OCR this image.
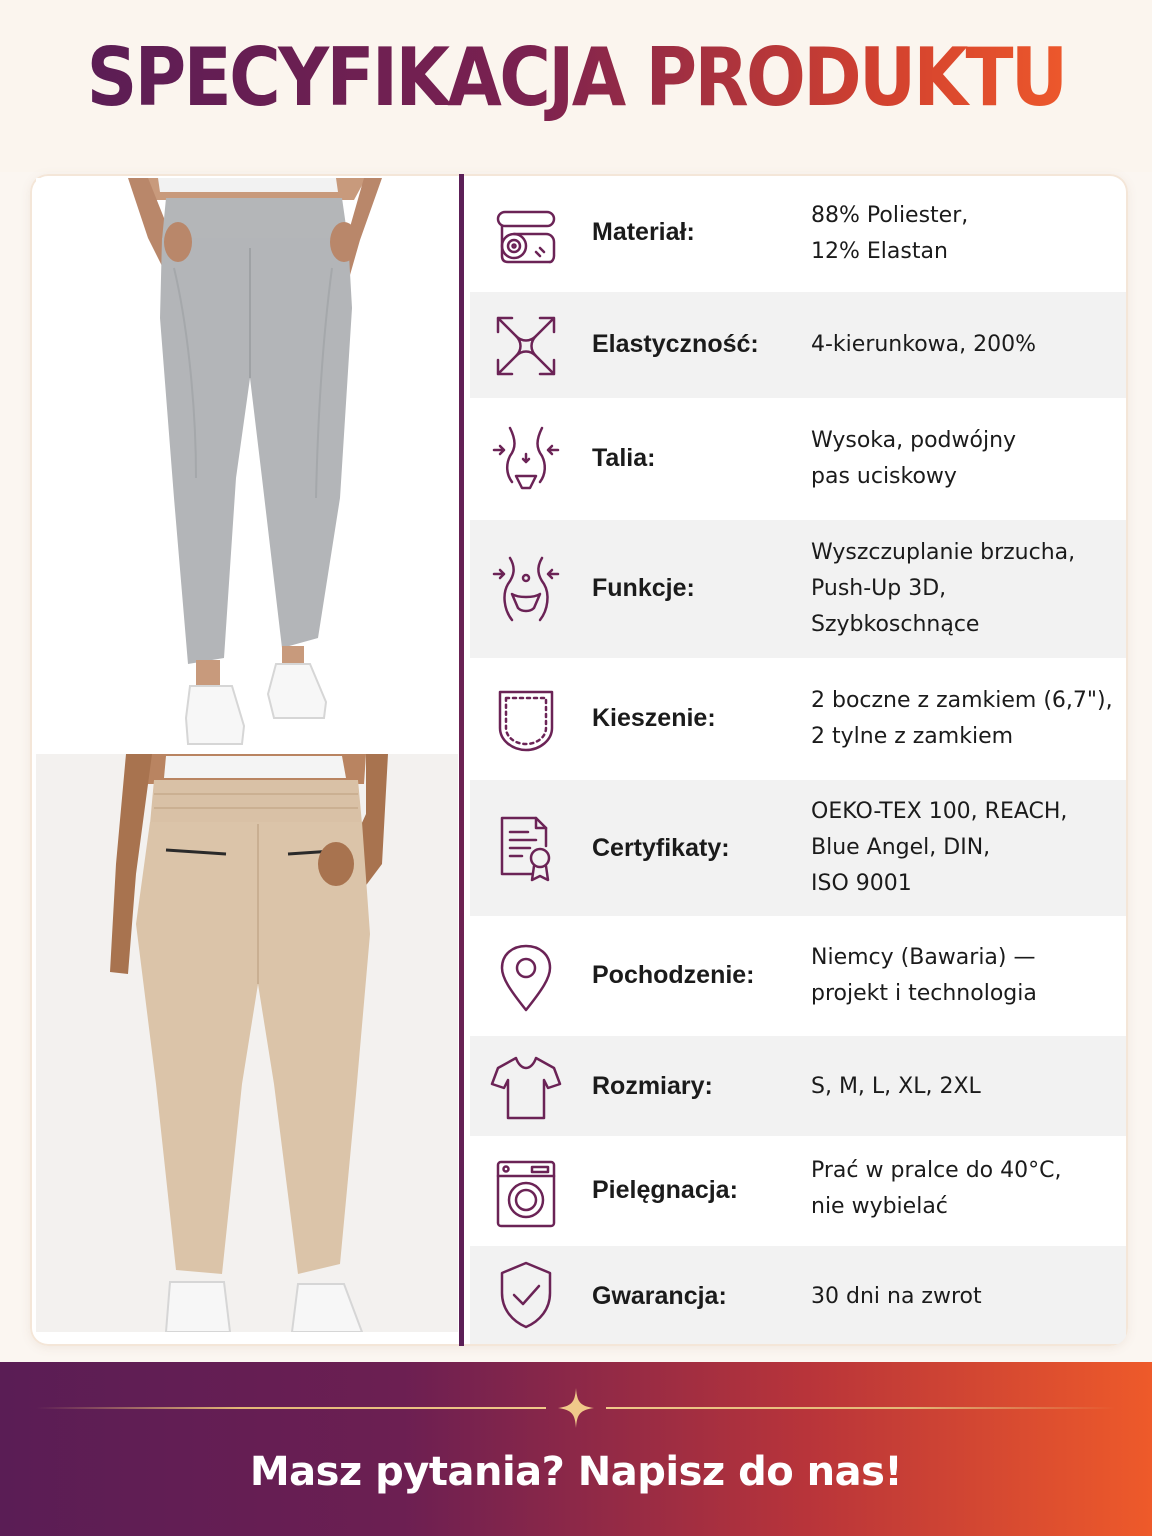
SPECYFIKACJA PRODUKTU
Materiał:
88% Poliester,
12% Elastan
Elastyczność:	4-kierunkowa, 200%
Talia:
Wysoka, podwójny
pas uciskowy
Funkcje:
Wyszczuplanie brzucha,
Push-Up 3D,
Szybkoschnące
Kieszenie:
2 boczne z zamkiem (6,7"),
2 tylne z zamkiem
Certyfikaty:
OEKO-TEX 100, REACH,
Blue Angel, DIN,
ISO 9001
Pochodzenie:
Niemcy (Bawaria) —
projekt i technologia
Rozmiary:	S, M, L, XL, 2XL
Pielęgnacja:
Prać w pralce do 40°C,
nie wybielać
Gwarancja:	30 dni na zwrot
Masz pytania? Napisz do nas!
